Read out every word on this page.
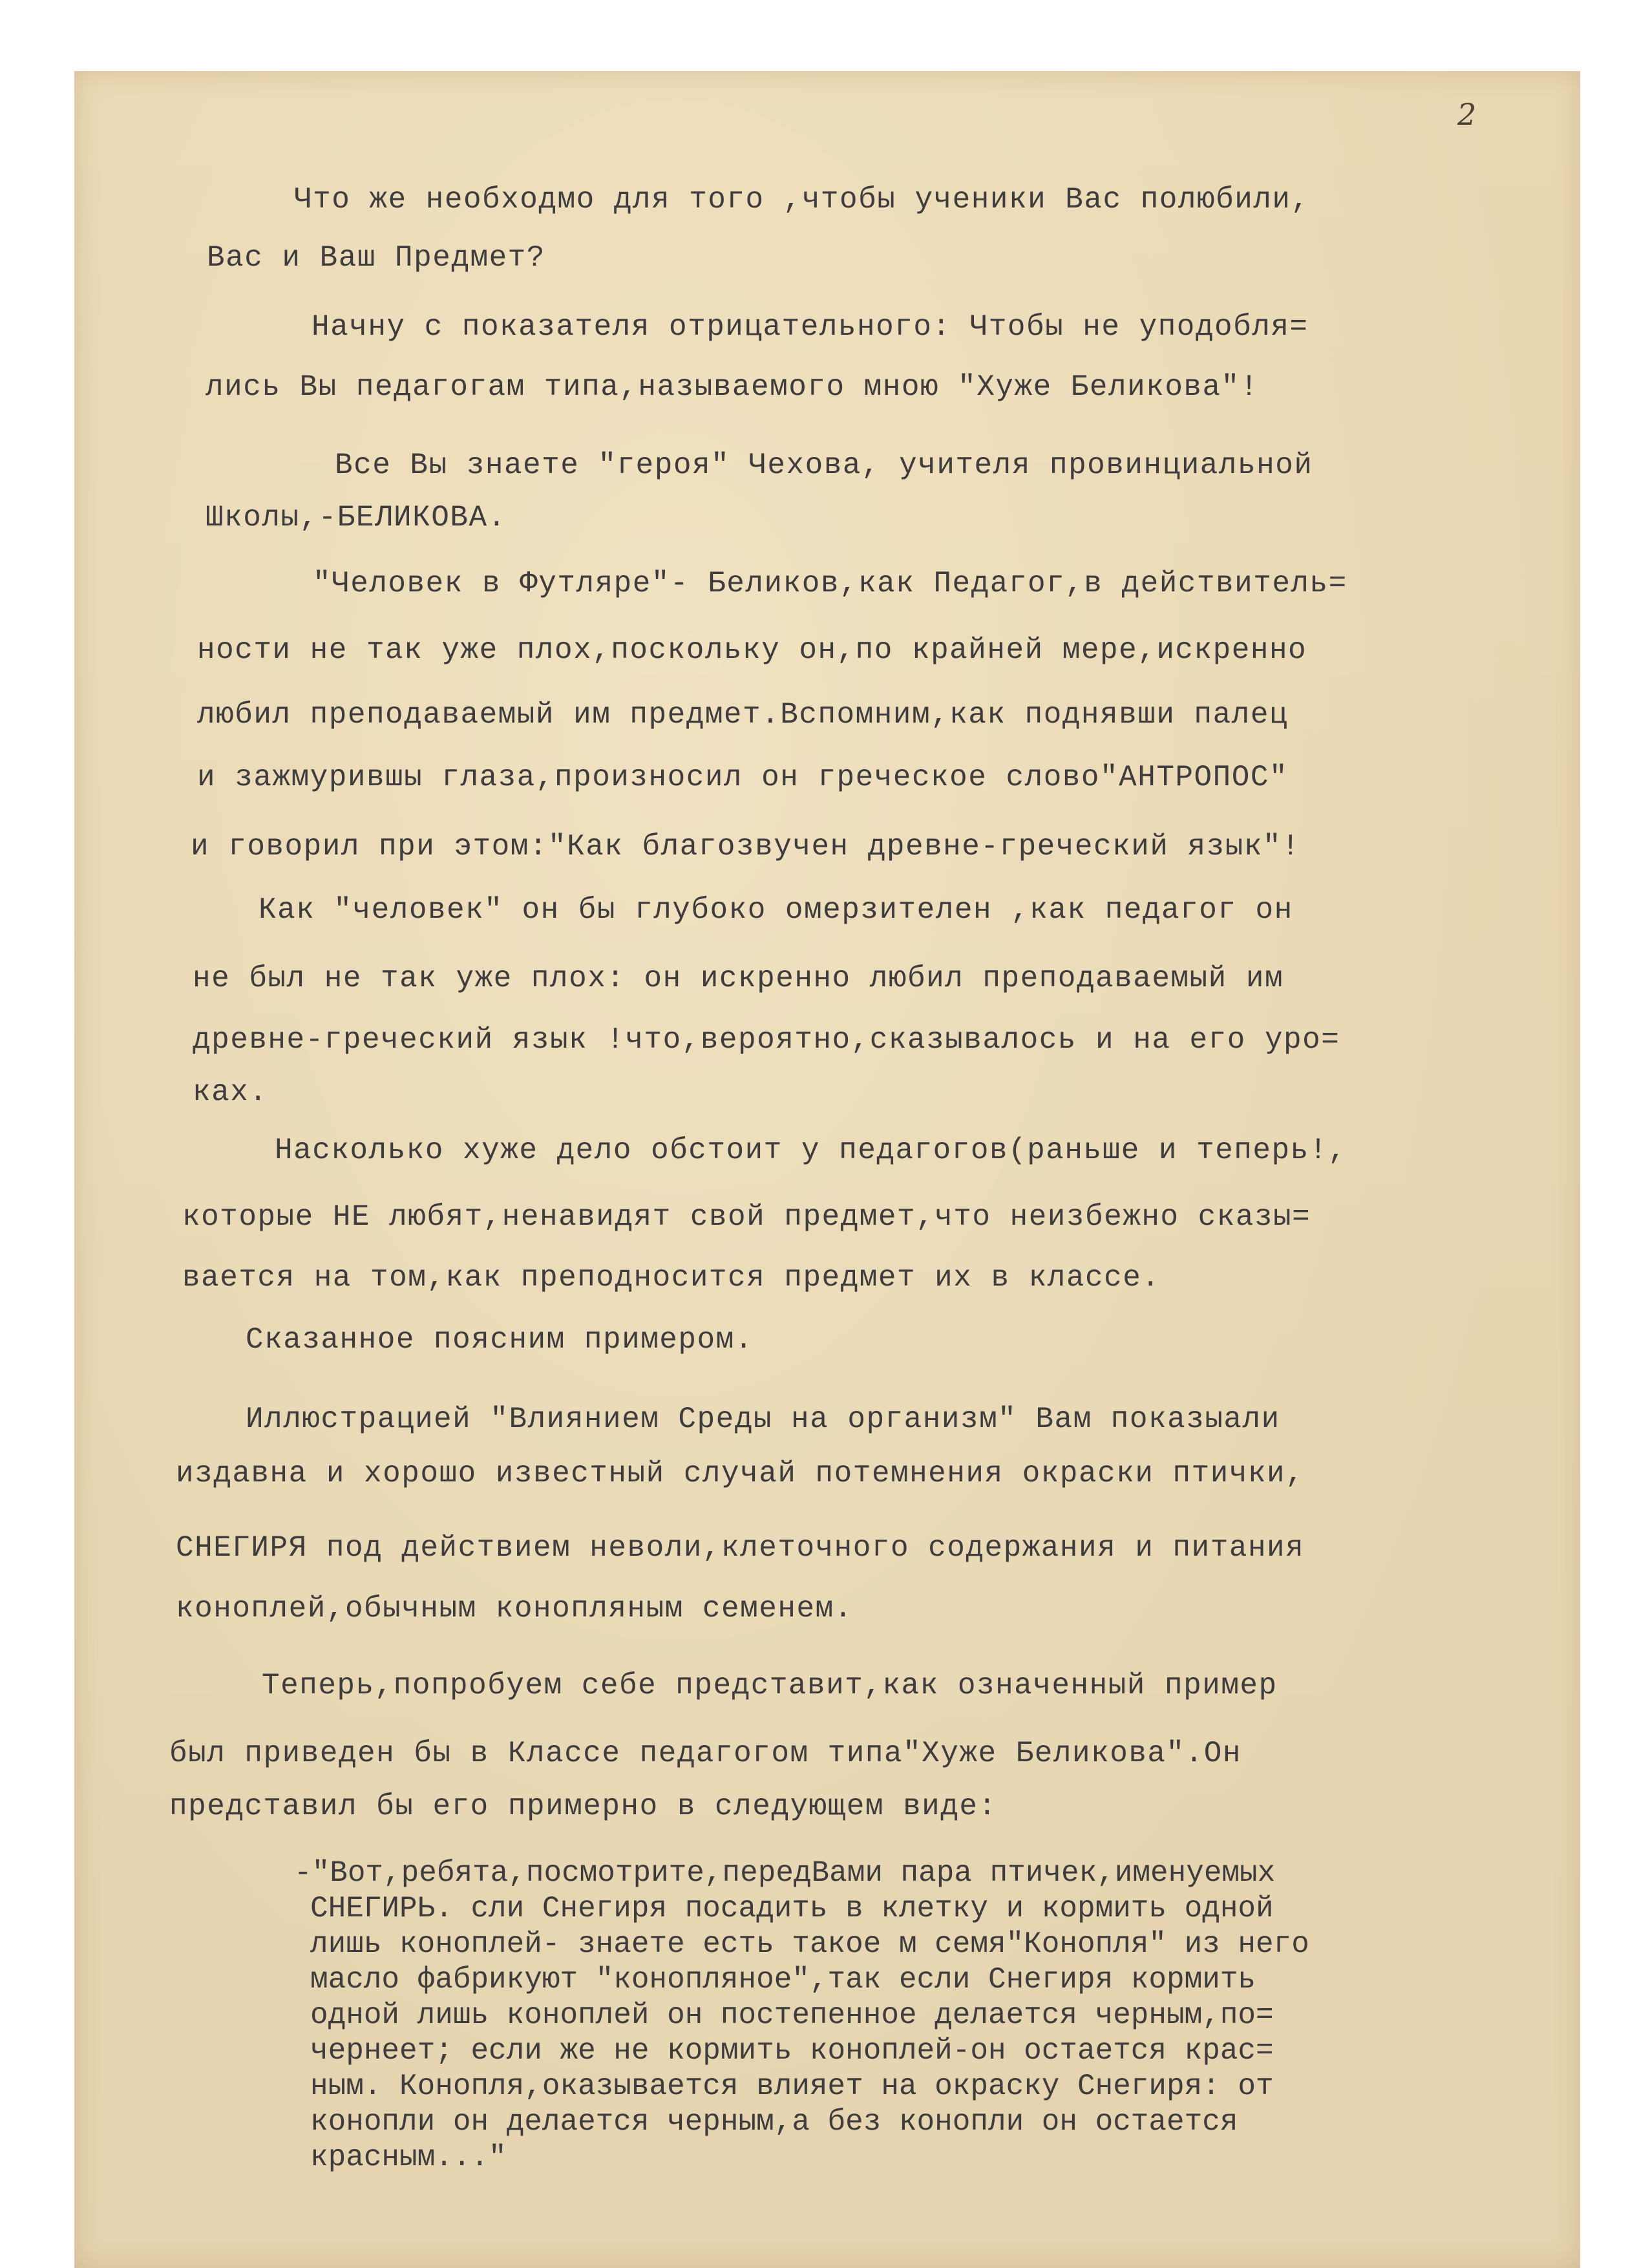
2
Что же необходмо для того ,чтобы ученики Вас полюбили,
Вас и Ваш Предмет?
Начну с показателя отрицательного: Чтобы не уподобля=
лись Вы педагогам типа,называемого мною "Хуже Беликова"!
Все Вы знаете "героя" Чехова, учителя провинциальной
Школы,-БЕЛИКОВА.
"Человек в Футляре"- Беликов,как Педагог,в действитель=
ности не так уже плох,поскольку он,по крайней мере,искренно
любил преподаваемый им предмет.Вспомним,как поднявши палец
и зажмурившы глаза,произносил он греческое слово"АНТРОПОС"
и говорил при этом:"Как благозвучен древне-греческий язык"!
Как "человек" он бы глубоко омерзителен ,как педагог он
не был не так уже плох: он искренно любил преподаваемый им
древне-греческий язык !что,вероятно,сказывалось и на его уро=
ках.
Насколько хуже дело обстоит у педагогов(раньше и теперь!,
которые НЕ любят,ненавидят свой предмет,что неизбежно сказы=
вается на том,как преподносится предмет их в классе.
Сказанное поясним примером.
Иллюстрацией "Влиянием Среды на организм" Вам показыали
издавна и хорошо известный случай потемнения окраски птички,
СНЕГИРЯ под действием неволи,клеточного содержания и питания
коноплей,обычным конопляным семенем.
Теперь,попробуем себе представит,как означенный пример
был приведен бы в Классе педагогом типа"Хуже Беликова".Он
представил бы его примерно в следующем виде:
-"Вот,ребята,посмотрите,передВами пара птичек,именуемых
СНЕГИРЬ. сли Снегиря посадить в клетку и кормить одной
лишь коноплей- знаете есть такое м семя"Конопля" из него
масло фабрикуют "конопляное",так если Снегиря кормить
одной лишь коноплей он постепенное делается черным,по=
чернеет; если же не кормить коноплей-он остается крас=
ным. Конопля,оказывается влияет на окраску Снегиря: от
конопли он делается черным,а без конопли он остается
красным..."
